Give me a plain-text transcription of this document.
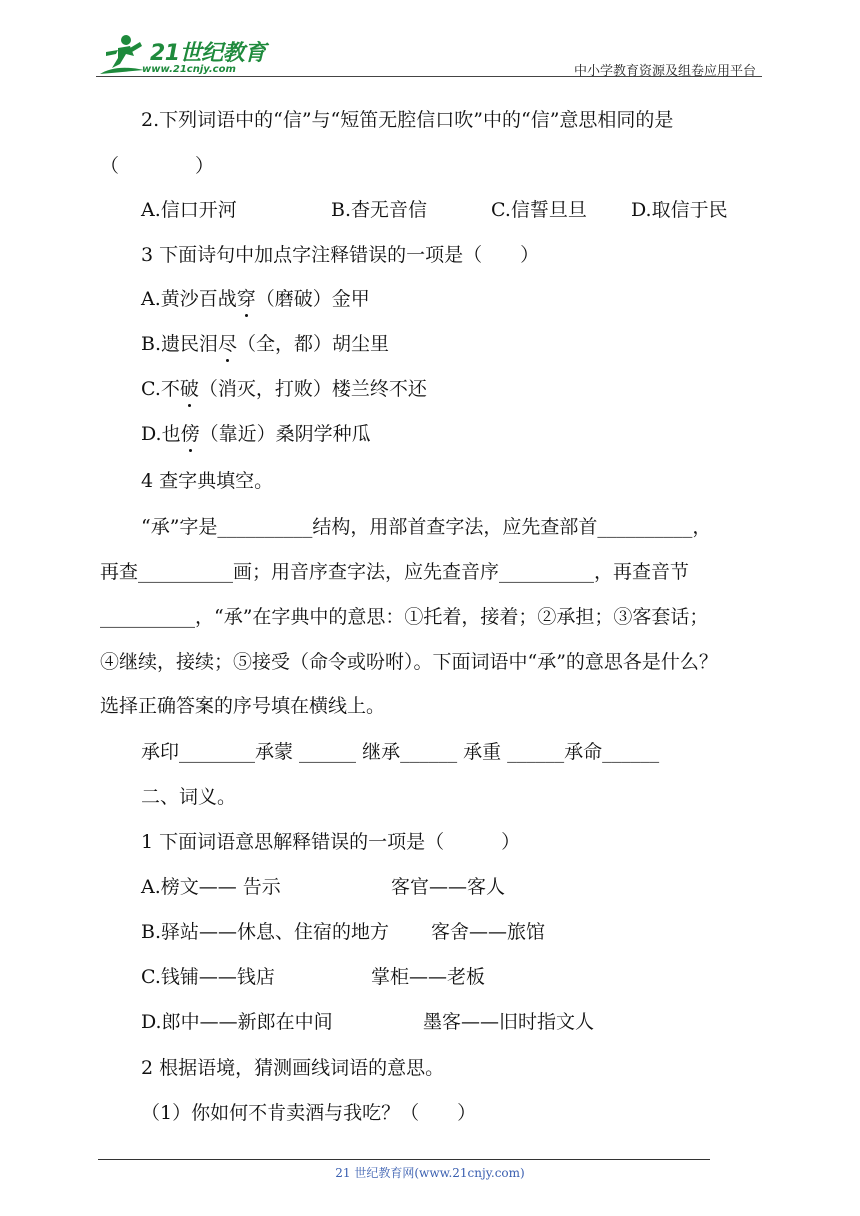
21世纪教育
www.21cnjy.com	中小学教育资源及组卷应用平台
2.下列词语中的“信”与“短笛无腔信口吹”中的“信”意思相同的是
（　　　　）
A.信口开河	B.杳无音信	C.信誓旦旦 D.取信于民
3 下面诗句中加点字注释错误的一项是（　　）
A.黄沙百战穿（磨破）金甲
B.遗民泪尽（全，都）胡尘里
C.不破（消灭，打败）楼兰终不还
D.也傍（靠近）桑阴学种瓜
4 查字典填空。
“承”字是__________结构，用部首查字法，应先查部首__________，
再查__________画；用音序查字法，应先查音序__________，再查音节
__________，“承”在字典中的意思：①托着，接着；②承担；③客套话；
④继续，接续；⑤接受（命令或吩咐）。下面词语中“承”的意思各是什么？
选择正确答案的序号填在横线上。
承印________承蒙 ______ 继承______ 承重 ______承命______
二、词义。
1 下面词语意思解释错误的一项是（　　　）
A.榜文—— 告示	客官——客人
B.驿站——休息、住宿的地方 客舍——旅馆
C.钱铺——钱店	掌柜——老板
D.郎中——新郎在中间	墨客——旧时指文人
2 根据语境，猜测画线词语的意思。
（1）你如何不肯卖酒与我吃？（　　）
21 世纪教育网(www.21cnjy.com)
